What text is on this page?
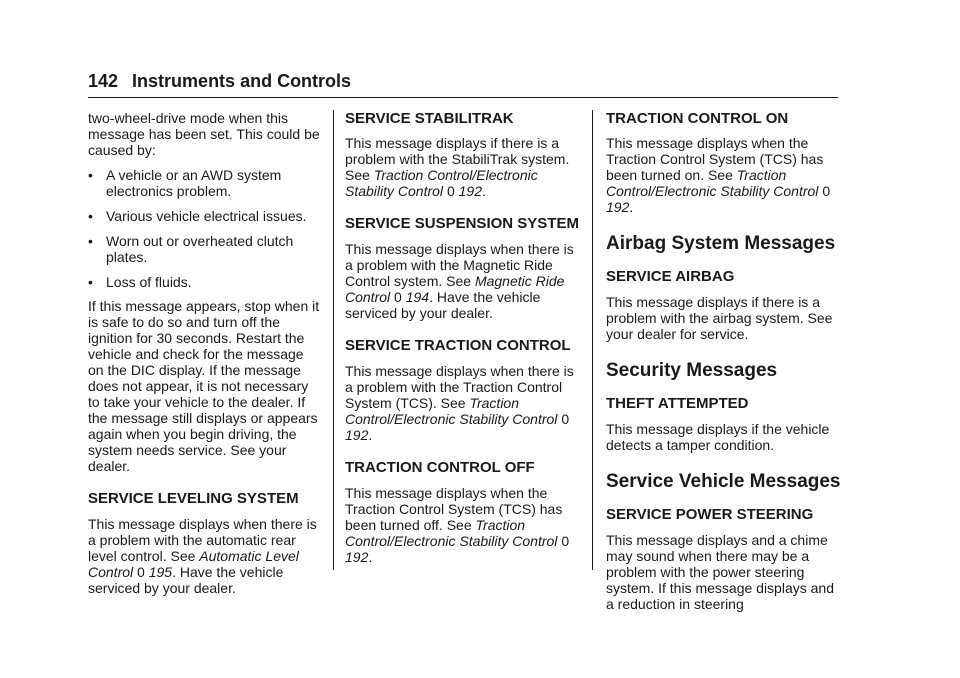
142 Instruments and Controls

two-wheel-drive mode when this message has been set. This could be caused by:

• A vehicle or an AWD system electronics problem.
• Various vehicle electrical issues.
• Worn out or overheated clutch plates.
• Loss of fluids.

If this message appears, stop when it is safe to do so and turn off the ignition for 30 seconds. Restart the vehicle and check for the message on the DIC display. If the message does not appear, it is not necessary to take your vehicle to the dealer. If the message still displays or appears again when you begin driving, the system needs service. See your dealer.

SERVICE LEVELING SYSTEM

This message displays when there is a problem with the automatic rear level control. See Automatic Level Control 0 195. Have the vehicle serviced by your dealer.

SERVICE STABILITRAK

This message displays if there is a problem with the StabiliTrak system. See Traction Control/Electronic Stability Control 0 192.

SERVICE SUSPENSION SYSTEM

This message displays when there is a problem with the Magnetic Ride Control system. See Magnetic Ride Control 0 194. Have the vehicle serviced by your dealer.

SERVICE TRACTION CONTROL

This message displays when there is a problem with the Traction Control System (TCS). See Traction Control/Electronic Stability Control 0 192.

TRACTION CONTROL OFF

This message displays when the Traction Control System (TCS) has been turned off. See Traction Control/Electronic Stability Control 0 192.

TRACTION CONTROL ON

This message displays when the Traction Control System (TCS) has been turned on. See Traction Control/Electronic Stability Control 0 192.

Airbag System Messages
SERVICE AIRBAG

This message displays if there is a problem with the airbag system. See your dealer for service.

Security Messages
THEFT ATTEMPTED

This message displays if the vehicle detects a tamper condition.

Service Vehicle Messages
SERVICE POWER STEERING

This message displays and a chime may sound when there may be a problem with the power steering system. If this message displays and a reduction in steering
